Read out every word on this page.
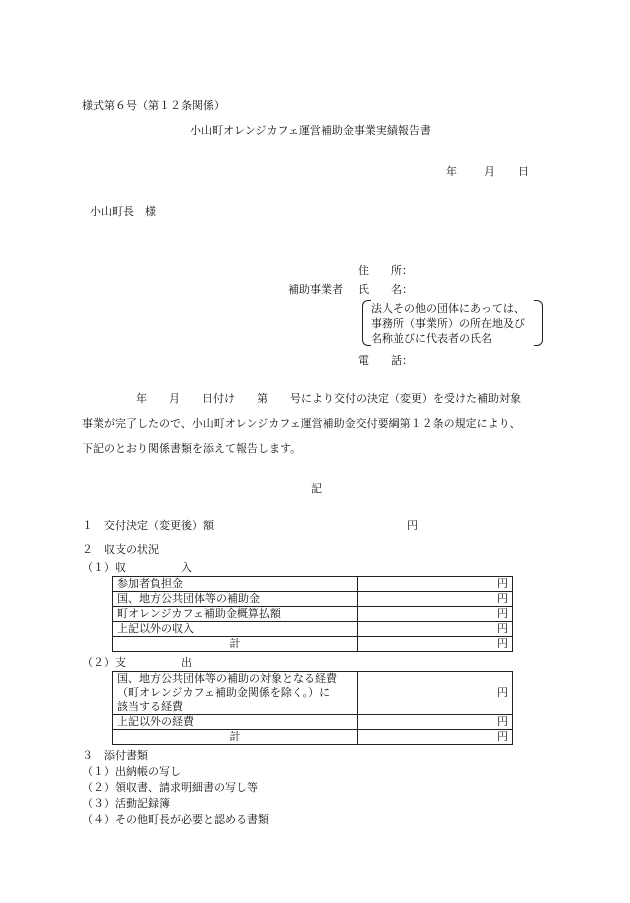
様式第６号（第１２条関係）
小山町オレンジカフェ運営補助金事業実績報告書
年 月 日
小山町長　様
住　　所：
補助事業者 氏　　名：
法人その他の団体にあっては、
事務所（事業所）の所在地及び
名称並びに代表者の氏名
電　　話：
年　　月　　日付け　　第　　号により交付の決定（変更）を受けた補助対象
事業が完了したので、小山町オレンジカフェ運営補助金交付要綱第１２条の規定により、
下記のとおり関係書類を添えて報告します。
記
１　交付決定（変更後）額	円
２　収支の状況
（１）収　　　　　入
参加者負担金	円
国、地方公共団体等の補助金	円
町オレンジカフェ補助金概算払額	円
上記以外の収入	円
計	円
（２）支　　　　　出
国、地方公共団体等の補助の対象となる経費
（町オレンジカフェ補助金関係を除く。）に
該当する経費	円
上記以外の経費	円
計	円
３　添付書類
（１）出納帳の写し
（２）領収書、請求明細書の写し等
（３）活動記録簿
（４）その他町長が必要と認める書類
